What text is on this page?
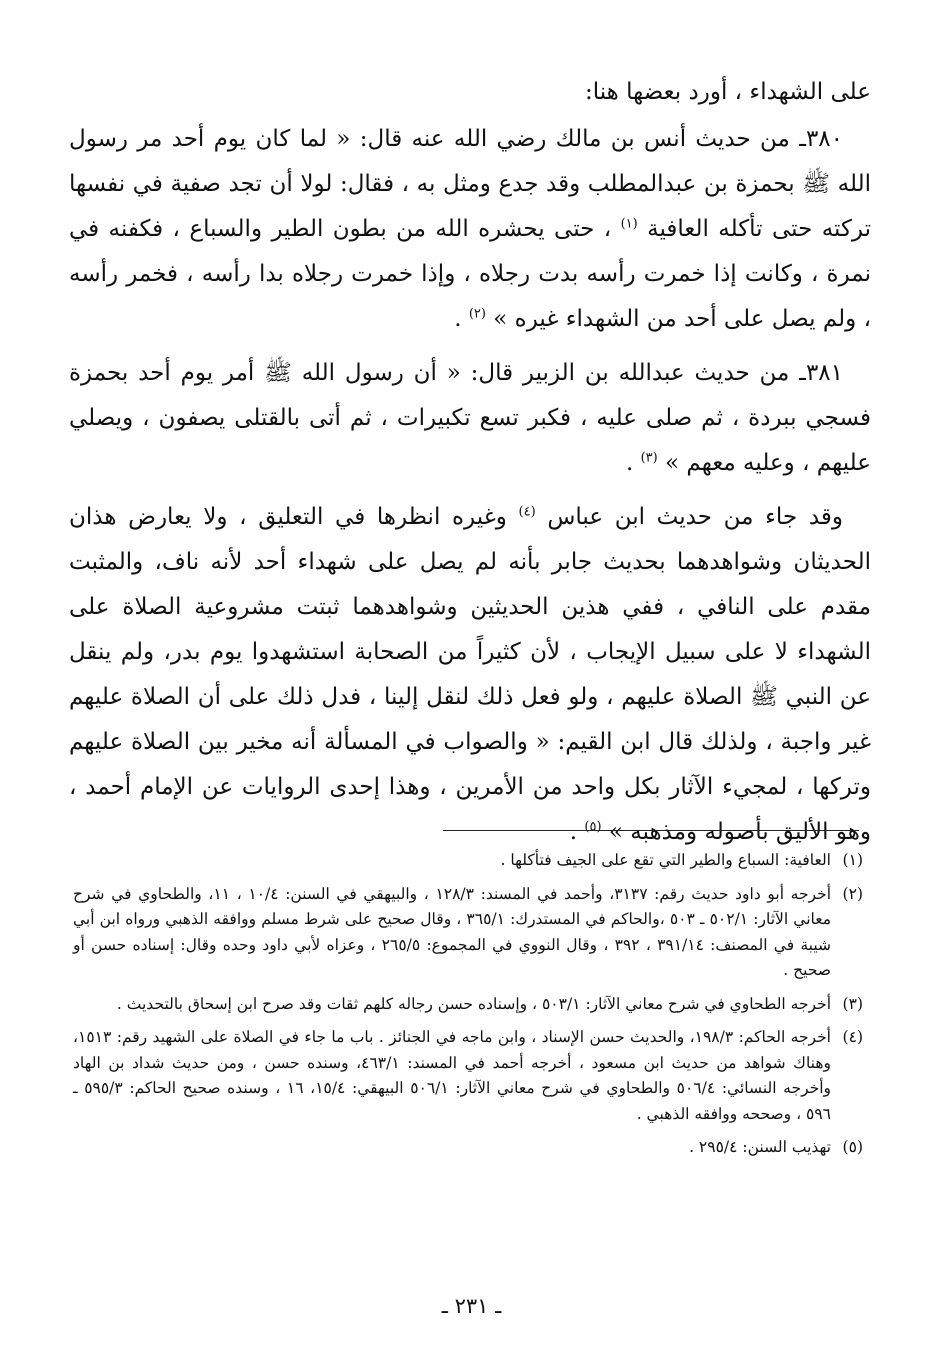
على الشهداء ، أورد بعضها هنا:

٣٨٠ـ من حديث أنس بن مالك رضي الله عنه قال: « لما كان يوم أحد مر رسول الله ﷺ بحمزة بن عبدالمطلب وقد جدع ومثل به ، فقال: لولا أن تجد صفية في نفسها تركته حتى تأكله العافية $^{(١)}$ ، حتى يحشره الله من بطون الطير والسباع ، فكفنه في نمرة ، وكانت إذا خمرت رأسه بدت رجلاه ، وإذا خمرت رجلاه بدا رأسه ، فخمر رأسه ، ولم يصل على أحد من الشهداء غيره » $^{(٢)}$ .

٣٨١ـ من حديث عبدالله بن الزبير قال: « أن رسول الله ﷺ أمر يوم أحد بحمزة فسجي ببردة ، ثم صلى عليه ، فكبر تسع تكبيرات ، ثم أتى بالقتلى يصفون ، ويصلي عليهم ، وعليه معهم » $^{(٣)}$ .

وقد جاء من حديث ابن عباس $^{(٤)}$ وغيره انظرها في التعليق ، ولا يعارض هذان الحديثان وشواهدهما بحديث جابر بأنه لم يصل على شهداء أحد لأنه ناف، والمثبت مقدم على النافي ، ففي هذين الحديثين وشواهدهما ثبتت مشروعية الصلاة على الشهداء لا على سبيل الإيجاب ، لأن كثيراً من الصحابة استشهدوا يوم بدر، ولم ينقل عن النبي ﷺ الصلاة عليهم ، ولو فعل ذلك لنقل إلينا ، فدل ذلك على أن الصلاة عليهم غير واجبة ، ولذلك قال ابن القيم: « والصواب في المسألة أنه مخير بين الصلاة عليهم وتركها ، لمجيء الآثار بكل واحد من الأمرين ، وهذا إحدى الروايات عن الإمام أحمد ، وهو الأليق بأصوله ومذهبه » $^{(٥)}$ .

(١)
العافية: السباع والطير التي تقع على الجيف فتأكلها .
(٢)
أخرجه أبو داود حديث رقم: ٣١٣٧، وأحمد في المسند: ١٢٨/٣ ، والبيهقي في السنن: ١٠/٤ ، ١١، والطحاوي في شرح معاني الآثار: ٥٠٢/١ ـ ٥٠٣ ،والحاكم في المستدرك: ٣٦٥/١ ، وقال صحيح على شرط مسلم ووافقه الذهبي ورواه ابن أبي شيبة في المصنف: ٣٩١/١٤ ، ٣٩٢ ، وقال النووي في المجموع: ٢٦٥/٥ ، وعزاه لأبي داود وحده وقال: إسناده حسن أو صحيح .
(٣)
أخرجه الطحاوي في شرح معاني الآثار: ٥٠٣/١ ، وإسناده حسن رجاله كلهم ثقات وقد صرح ابن إسحاق بالتحديث .
(٤)
أخرجه الحاكم: ١٩٨/٣، والحديث حسن الإسناد ، وابن ماجه في الجنائز . باب ما جاء في الصلاة على الشهيد رقم: ١٥١٣، وهناك شواهد من حديث ابن مسعود ، أخرجه أحمد في المسند: ٤٦٣/١، وسنده حسن ، ومن حديث شداد بن الهاد وأخرجه النسائي: ٥٠٦/٤ والطحاوي في شرح معاني الآثار: ٥٠٦/١ البيهقي: ١٥/٤، ١٦ ، وسنده صحيح الحاكم: ٥٩٥/٣ ـ ٥٩٦ ، وصححه ووافقه الذهبي .
(٥)
تهذيب السنن: ٢٩٥/٤ .
ـ ٢٣١ ـ
